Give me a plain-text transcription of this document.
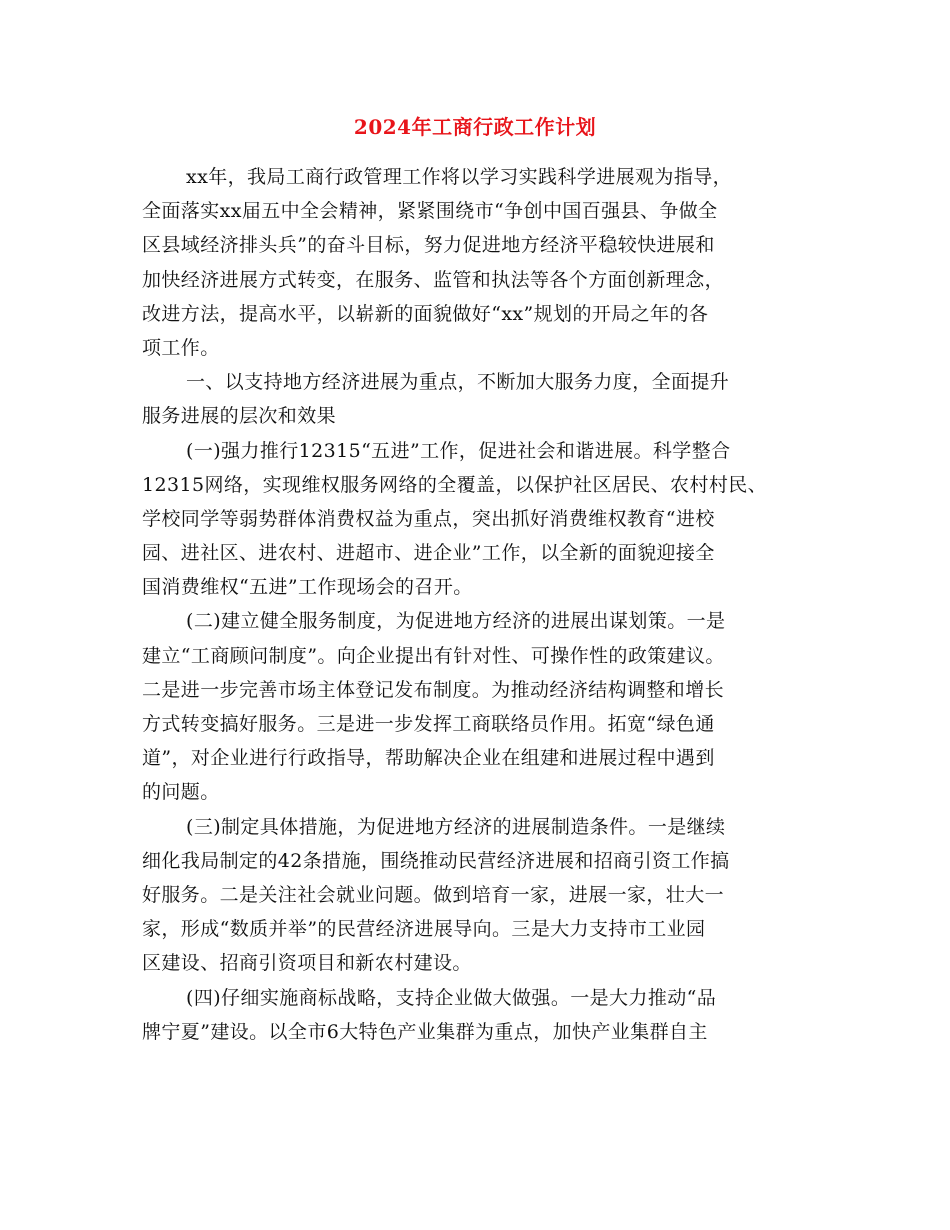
2024年工商行政工作计划
xx年，我局工商行政管理工作将以学习实践科学进展观为指导，
全面落实xx届五中全会精神，紧紧围绕市“争创中国百强县、争做全
区县域经济排头兵”的奋斗目标，努力促进地方经济平稳较快进展和
加快经济进展方式转变，在服务、监管和执法等各个方面创新理念，
改进方法，提高水平，以崭新的面貌做好“xx”规划的开局之年的各
项工作。
一、以支持地方经济进展为重点，不断加大服务力度，全面提升
服务进展的层次和效果
(一)强力推行12315“五进”工作，促进社会和谐进展。科学整合
12315网络，实现维权服务网络的全覆盖，以保护社区居民、农村村民、
学校同学等弱势群体消费权益为重点，突出抓好消费维权教育“进校
园、进社区、进农村、进超市、进企业”工作，以全新的面貌迎接全
国消费维权“五进”工作现场会的召开。
(二)建立健全服务制度，为促进地方经济的进展出谋划策。一是
建立“工商顾问制度”。向企业提出有针对性、可操作性的政策建议。
二是进一步完善市场主体登记发布制度。为推动经济结构调整和增长
方式转变搞好服务。三是进一步发挥工商联络员作用。拓宽“绿色通
道”，对企业进行行政指导，帮助解决企业在组建和进展过程中遇到
的问题。
(三)制定具体措施，为促进地方经济的进展制造条件。一是继续
细化我局制定的42条措施，围绕推动民营经济进展和招商引资工作搞
好服务。二是关注社会就业问题。做到培育一家，进展一家，壮大一
家，形成“数质并举”的民营经济进展导向。三是大力支持市工业园
区建设、招商引资项目和新农村建设。
(四)仔细实施商标战略，支持企业做大做强。一是大力推动“品
牌宁夏”建设。以全市6大特色产业集群为重点，加快产业集群自主
